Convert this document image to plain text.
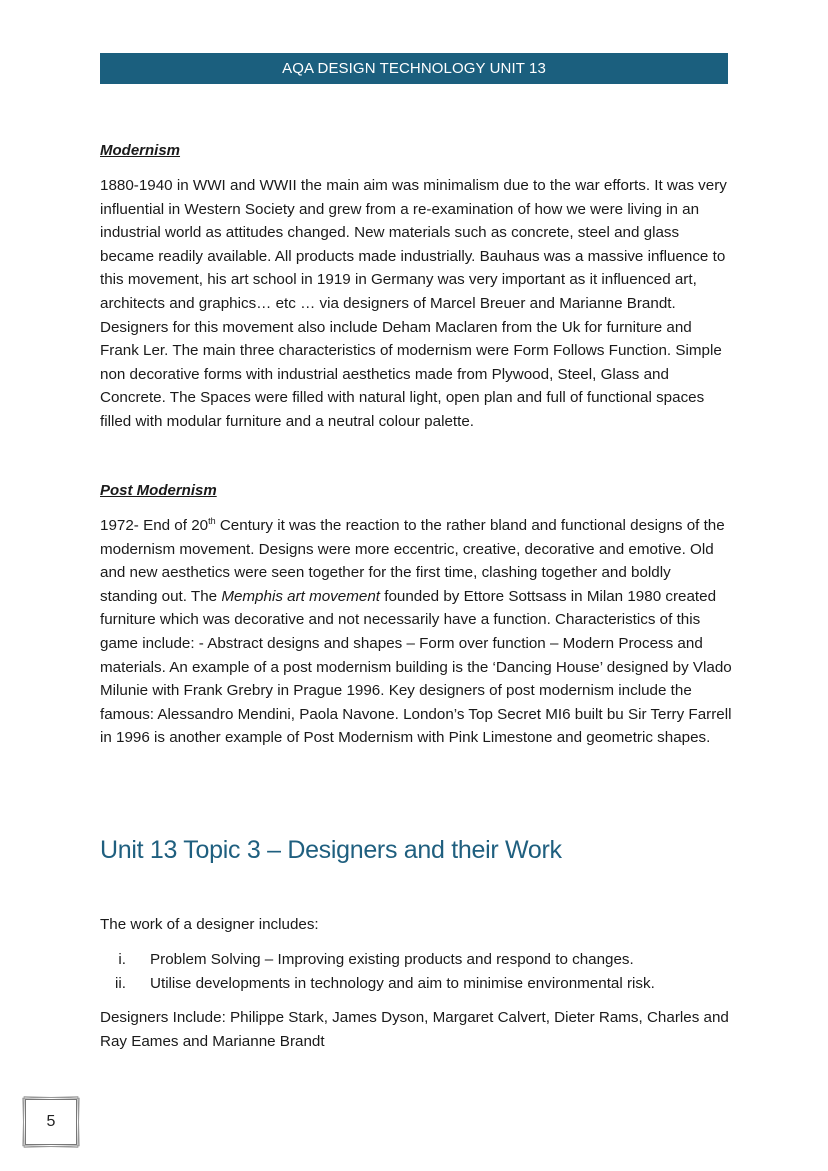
AQA DESIGN TECHNOLOGY UNIT 13
Modernism
1880-1940 in WWI and WWII the main aim was minimalism due to the war efforts. It was very influential in Western Society and grew from a re-examination of how we were living in an industrial world as attitudes changed. New materials such as concrete, steel and glass became readily available. All products made industrially. Bauhaus was a massive influence to this movement, his art school in 1919 in Germany was very important as it influenced art, architects and graphics… etc … via designers of Marcel Breuer and Marianne Brandt. Designers for this movement also include Deham Maclaren from the Uk for furniture and Frank Ler. The main three characteristics of modernism were Form Follows Function. Simple non decorative forms with industrial aesthetics made from Plywood, Steel, Glass and Concrete. The Spaces were filled with natural light, open plan and full of functional spaces filled with modular furniture and a neutral colour palette.
Post Modernism
1972- End of 20th Century it was the reaction to the rather bland and functional designs of the modernism movement. Designs were more eccentric, creative, decorative and emotive. Old and new aesthetics were seen together for the first time, clashing together and boldly standing out. The Memphis art movement founded by Ettore Sottsass in Milan 1980 created furniture which was decorative and not necessarily have a function. Characteristics of this game include: - Abstract designs and shapes – Form over function – Modern Process and materials. An example of a post modernism building is the ‘Dancing House’ designed by Vlado Milunie with Frank Grebry in Prague 1996. Key designers of post modernism include the famous: Alessandro Mendini, Paola Navone. London’s Top Secret MI6 built bu Sir Terry Farrell in 1996 is another example of Post Modernism with Pink Limestone and geometric shapes.
Unit 13 Topic 3 – Designers and their Work
The work of a designer includes:
i.	Problem Solving – Improving existing products and respond to changes.
ii.	Utilise developments in technology and aim to minimise environmental risk.
Designers Include: Philippe Stark, James Dyson, Margaret Calvert, Dieter Rams, Charles and Ray Eames and Marianne Brandt
5
